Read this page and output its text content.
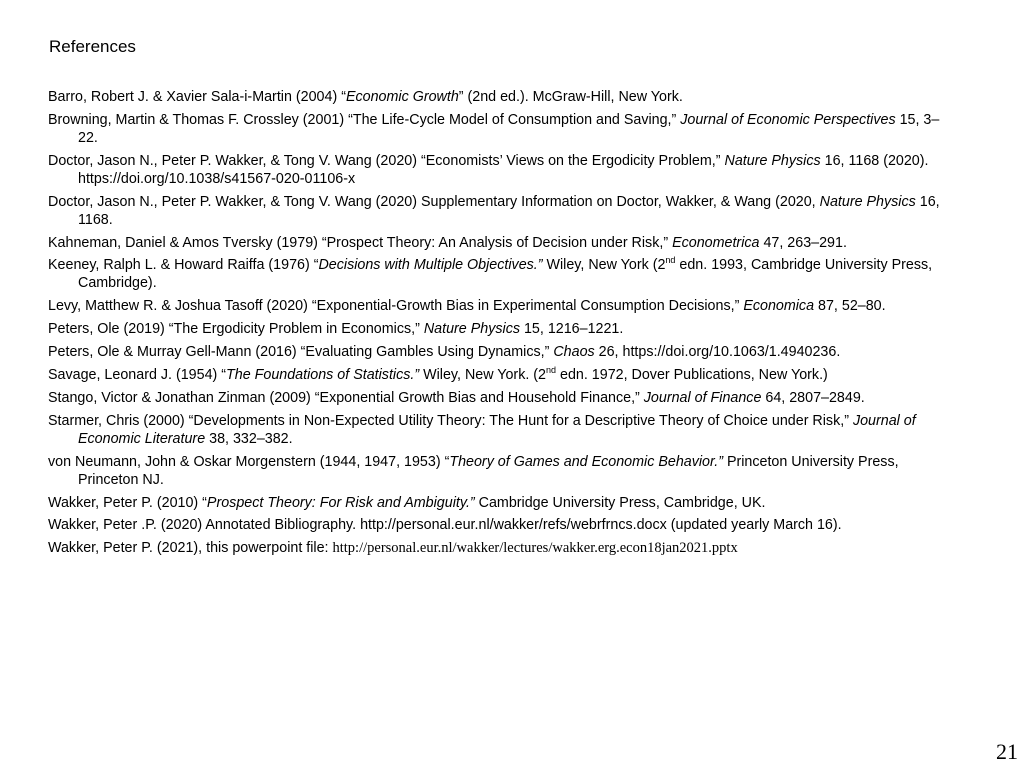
References
Barro, Robert J. & Xavier Sala-i-Martin (2004) “Economic Growth” (2nd ed.). McGraw-Hill, New York.
Browning, Martin & Thomas F. Crossley (2001) “The Life-Cycle Model of Consumption and Saving,” Journal of Economic Perspectives 15, 3–22.
Doctor, Jason N., Peter P. Wakker, & Tong V. Wang (2020) “Economists’ Views on the Ergodicity Problem,” Nature Physics 16, 1168 (2020). https://doi.org/10.1038/s41567-020-01106-x
Doctor, Jason N., Peter P. Wakker, & Tong V. Wang (2020) Supplementary Information on Doctor, Wakker, & Wang (2020, Nature Physics 16, 1168.
Kahneman, Daniel & Amos Tversky (1979) “Prospect Theory: An Analysis of Decision under Risk,” Econometrica 47, 263–291.
Keeney, Ralph L. & Howard Raiffa (1976) “Decisions with Multiple Objectives.” Wiley, New York (2nd edn. 1993, Cambridge University Press, Cambridge).
Levy, Matthew R. & Joshua Tasoff (2020) “Exponential-Growth Bias in Experimental Consumption Decisions,” Economica 87, 52–80.
Peters, Ole (2019) “The Ergodicity Problem in Economics,” Nature Physics 15, 1216–1221.
Peters, Ole & Murray Gell-Mann (2016) “Evaluating Gambles Using Dynamics,” Chaos 26, https://doi.org/10.1063/1.4940236.
Savage, Leonard J. (1954) “The Foundations of Statistics.” Wiley, New York. (2nd edn. 1972, Dover Publications, New York.)
Stango, Victor & Jonathan Zinman (2009) “Exponential Growth Bias and Household Finance,” Journal of Finance 64, 2807–2849.
Starmer, Chris (2000) “Developments in Non-Expected Utility Theory: The Hunt for a Descriptive Theory of Choice under Risk,” Journal of Economic Literature 38, 332–382.
von Neumann, John & Oskar Morgenstern (1944, 1947, 1953) “Theory of Games and Economic Behavior.” Princeton University Press, Princeton NJ.
Wakker, Peter P. (2010) “Prospect Theory: For Risk and Ambiguity.” Cambridge University Press, Cambridge, UK.
Wakker, Peter .P. (2020) Annotated Bibliography. http://personal.eur.nl/wakker/refs/webrfrncs.docx (updated yearly March 16).
Wakker, Peter P. (2021), this powerpoint file: http://personal.eur.nl/wakker/lectures/wakker.erg.econ18jan2021.pptx
21
